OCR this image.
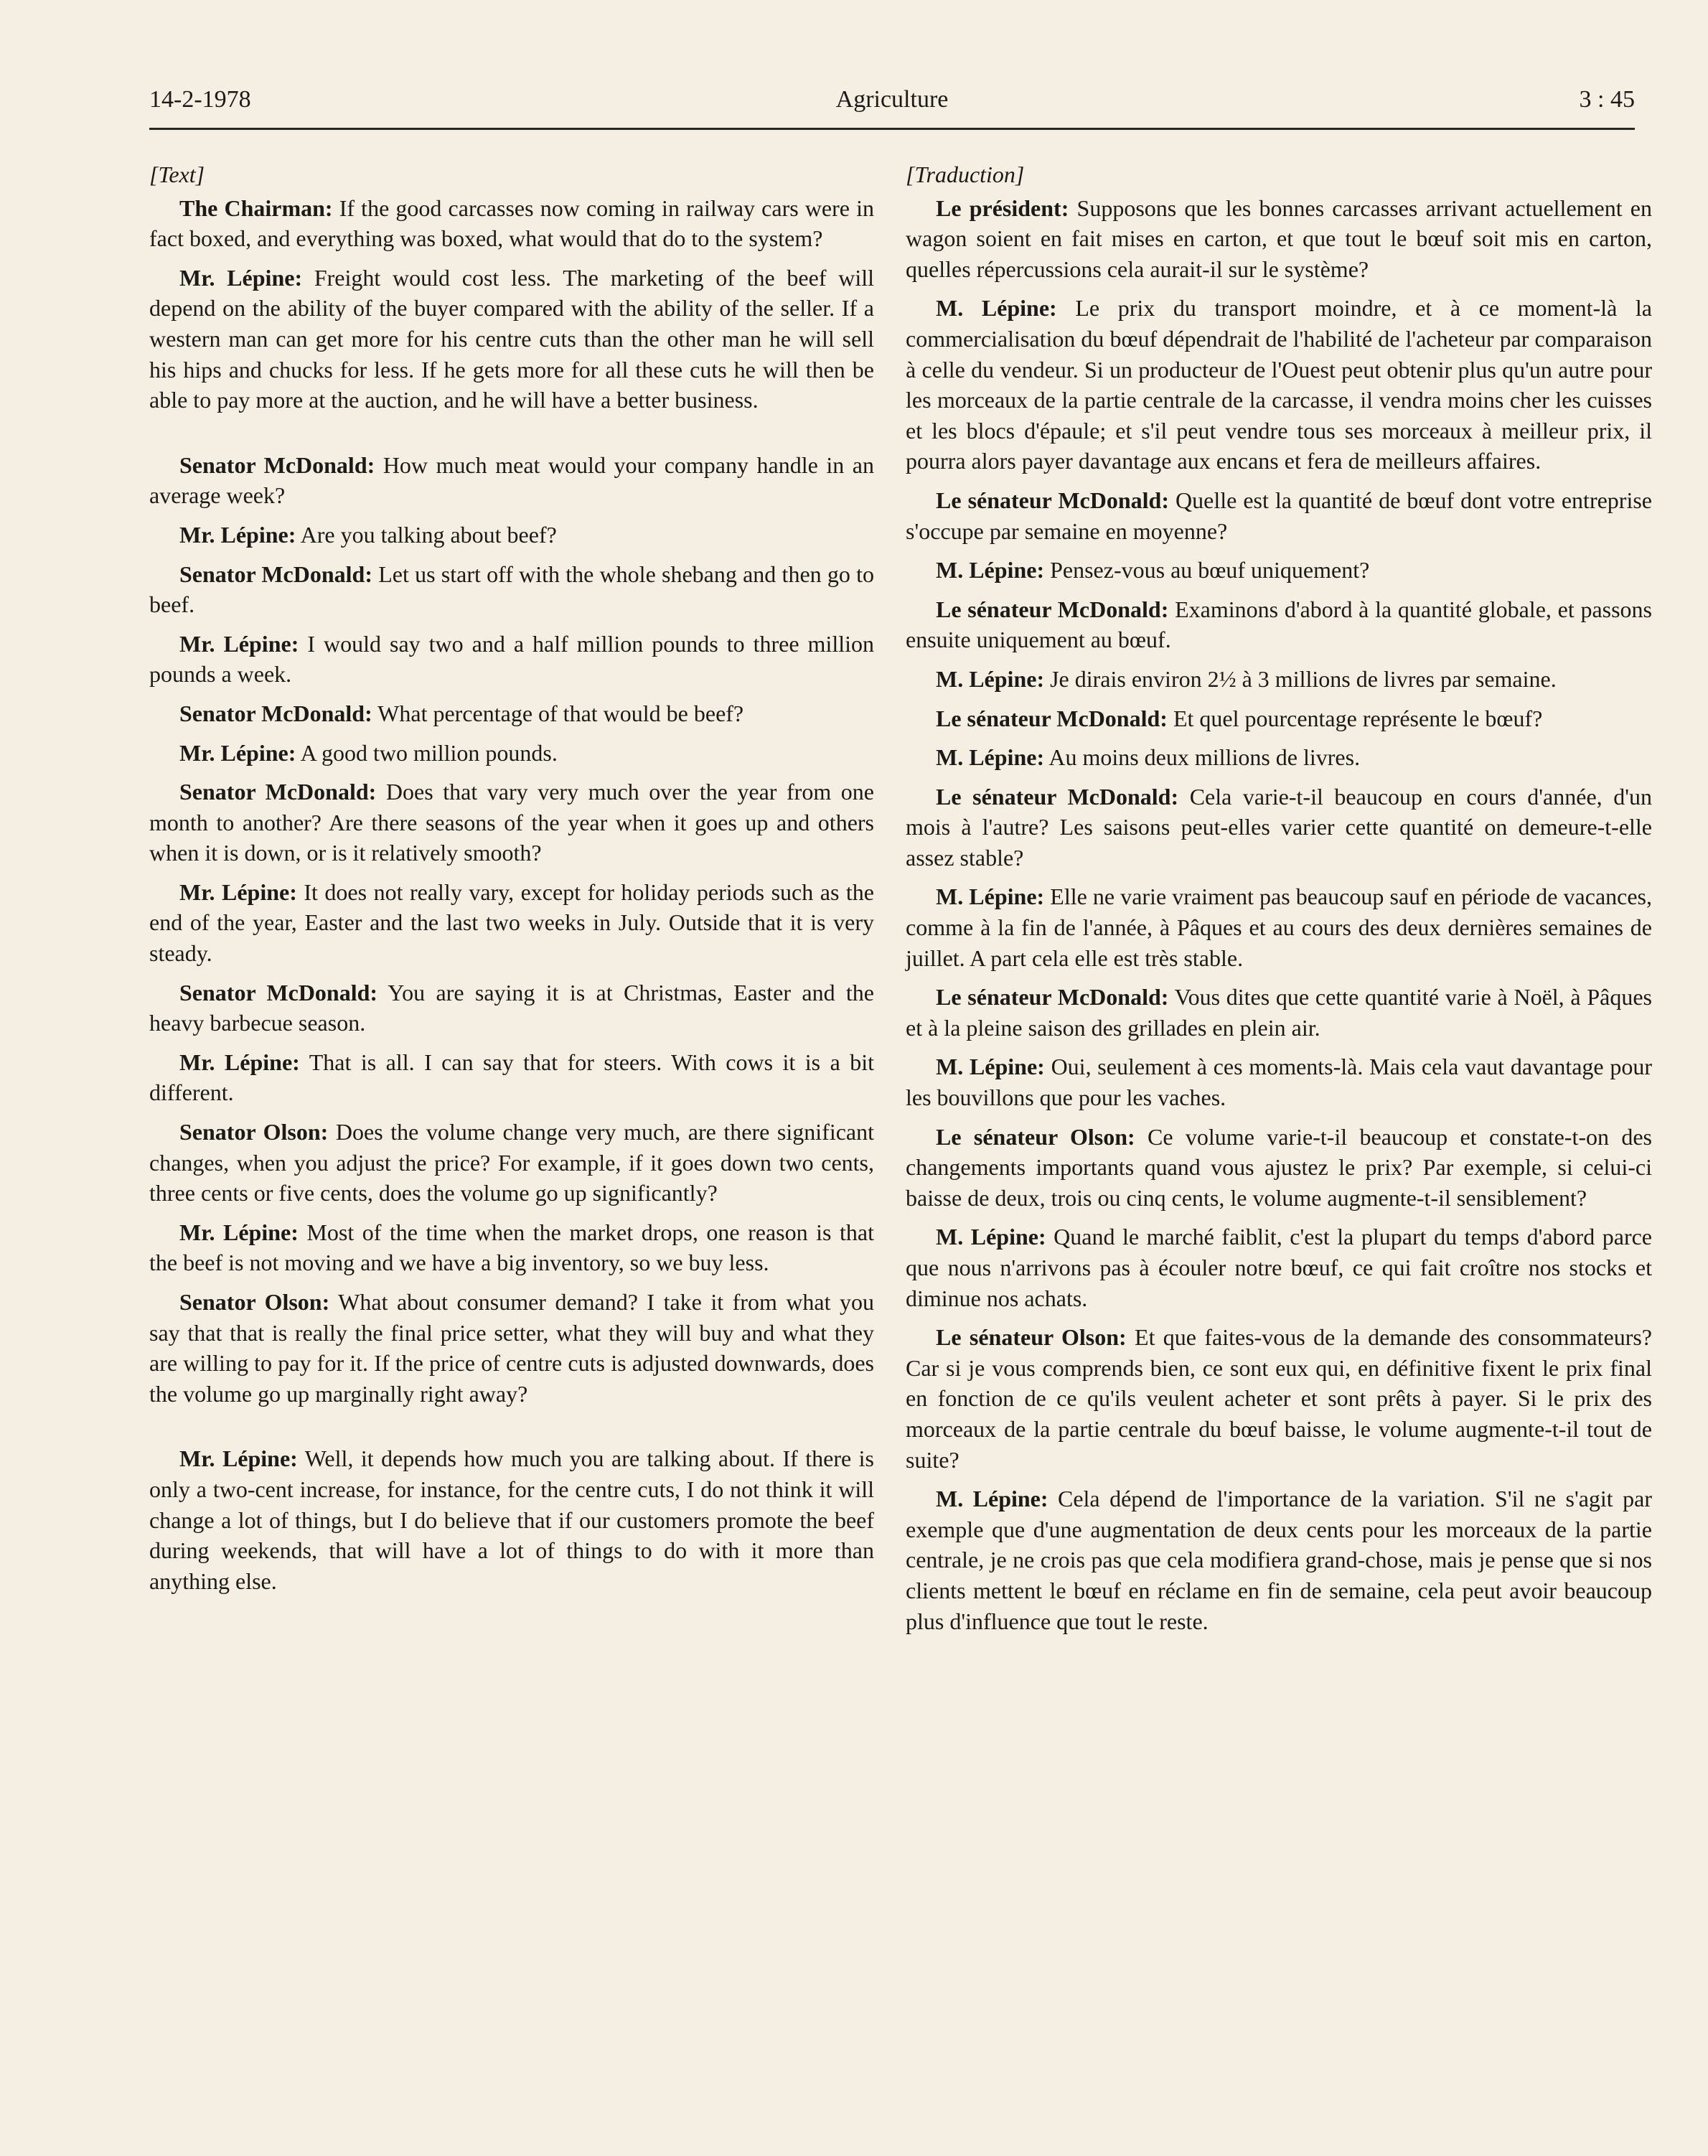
14-2-1978	Agriculture	3 : 45
[Text]

The Chairman: If the good carcasses now coming in railway cars were in fact boxed, and everything was boxed, what would that do to the system?

Mr. Lépine: Freight would cost less. The marketing of the beef will depend on the ability of the buyer compared with the ability of the seller. If a western man can get more for his centre cuts than the other man he will sell his hips and chucks for less. If he gets more for all these cuts he will then be able to pay more at the auction, and he will have a better business.

Senator McDonald: How much meat would your company handle in an average week?

Mr. Lépine: Are you talking about beef?

Senator McDonald: Let us start off with the whole shebang and then go to beef.

Mr. Lépine: I would say two and a half million pounds to three million pounds a week.

Senator McDonald: What percentage of that would be beef?

Mr. Lépine: A good two million pounds.

Senator McDonald: Does that vary very much over the year from one month to another? Are there seasons of the year when it goes up and others when it is down, or is it relatively smooth?

Mr. Lépine: It does not really vary, except for holiday periods such as the end of the year, Easter and the last two weeks in July. Outside that it is very steady.

Senator McDonald: You are saying it is at Christmas, Easter and the heavy barbecue season.

Mr. Lépine: That is all. I can say that for steers. With cows it is a bit different.

Senator Olson: Does the volume change very much, are there significant changes, when you adjust the price? For example, if it goes down two cents, three cents or five cents, does the volume go up significantly?

Mr. Lépine: Most of the time when the market drops, one reason is that the beef is not moving and we have a big inventory, so we buy less.

Senator Olson: What about consumer demand? I take it from what you say that that is really the final price setter, what they will buy and what they are willing to pay for it. If the price of centre cuts is adjusted downwards, does the volume go up marginally right away?

Mr. Lépine: Well, it depends how much you are talking about. If there is only a two-cent increase, for instance, for the centre cuts, I do not think it will change a lot of things, but I do believe that if our customers promote the beef during weekends, that will have a lot of things to do with it more than anything else.

[Traduction]

Le président: Supposons que les bonnes carcasses arrivant actuellement en wagon soient en fait mises en carton, et que tout le bœuf soit mis en carton, quelles répercussions cela aurait-il sur le système?

M. Lépine: Le prix du transport moindre, et à ce moment-là la commercialisation du bœuf dépendrait de l'habilité de l'acheteur par comparaison à celle du vendeur. Si un producteur de l'Ouest peut obtenir plus qu'un autre pour les morceaux de la partie centrale de la carcasse, il vendra moins cher les cuisses et les blocs d'épaule; et s'il peut vendre tous ses morceaux à meilleur prix, il pourra alors payer davantage aux encans et fera de meilleurs affaires.

Le sénateur McDonald: Quelle est la quantité de bœuf dont votre entreprise s'occupe par semaine en moyenne?

M. Lépine: Pensez-vous au bœuf uniquement?

Le sénateur McDonald: Examinons d'abord à la quantité globale, et passons ensuite uniquement au bœuf.

M. Lépine: Je dirais environ 2½ à 3 millions de livres par semaine.

Le sénateur McDonald: Et quel pourcentage représente le bœuf?

M. Lépine: Au moins deux millions de livres.

Le sénateur McDonald: Cela varie-t-il beaucoup en cours d'année, d'un mois à l'autre? Les saisons peut-elles varier cette quantité on demeure-t-elle assez stable?

M. Lépine: Elle ne varie vraiment pas beaucoup sauf en période de vacances, comme à la fin de l'année, à Pâques et au cours des deux dernières semaines de juillet. A part cela elle est très stable.

Le sénateur McDonald: Vous dites que cette quantité varie à Noël, à Pâques et à la pleine saison des grillades en plein air.

M. Lépine: Oui, seulement à ces moments-là. Mais cela vaut davantage pour les bouvillons que pour les vaches.

Le sénateur Olson: Ce volume varie-t-il beaucoup et constate-t-on des changements importants quand vous ajustez le prix? Par exemple, si celui-ci baisse de deux, trois ou cinq cents, le volume augmente-t-il sensiblement?

M. Lépine: Quand le marché faiblit, c'est la plupart du temps d'abord parce que nous n'arrivons pas à écouler notre bœuf, ce qui fait croître nos stocks et diminue nos achats.

Le sénateur Olson: Et que faites-vous de la demande des consommateurs? Car si je vous comprends bien, ce sont eux qui, en définitive fixent le prix final en fonction de ce qu'ils veulent acheter et sont prêts à payer. Si le prix des morceaux de la partie centrale du bœuf baisse, le volume augmente-t-il tout de suite?

M. Lépine: Cela dépend de l'importance de la variation. S'il ne s'agit par exemple que d'une augmentation de deux cents pour les morceaux de la partie centrale, je ne crois pas que cela modifiera grand-chose, mais je pense que si nos clients mettent le bœuf en réclame en fin de semaine, cela peut avoir beaucoup plus d'influence que tout le reste.
